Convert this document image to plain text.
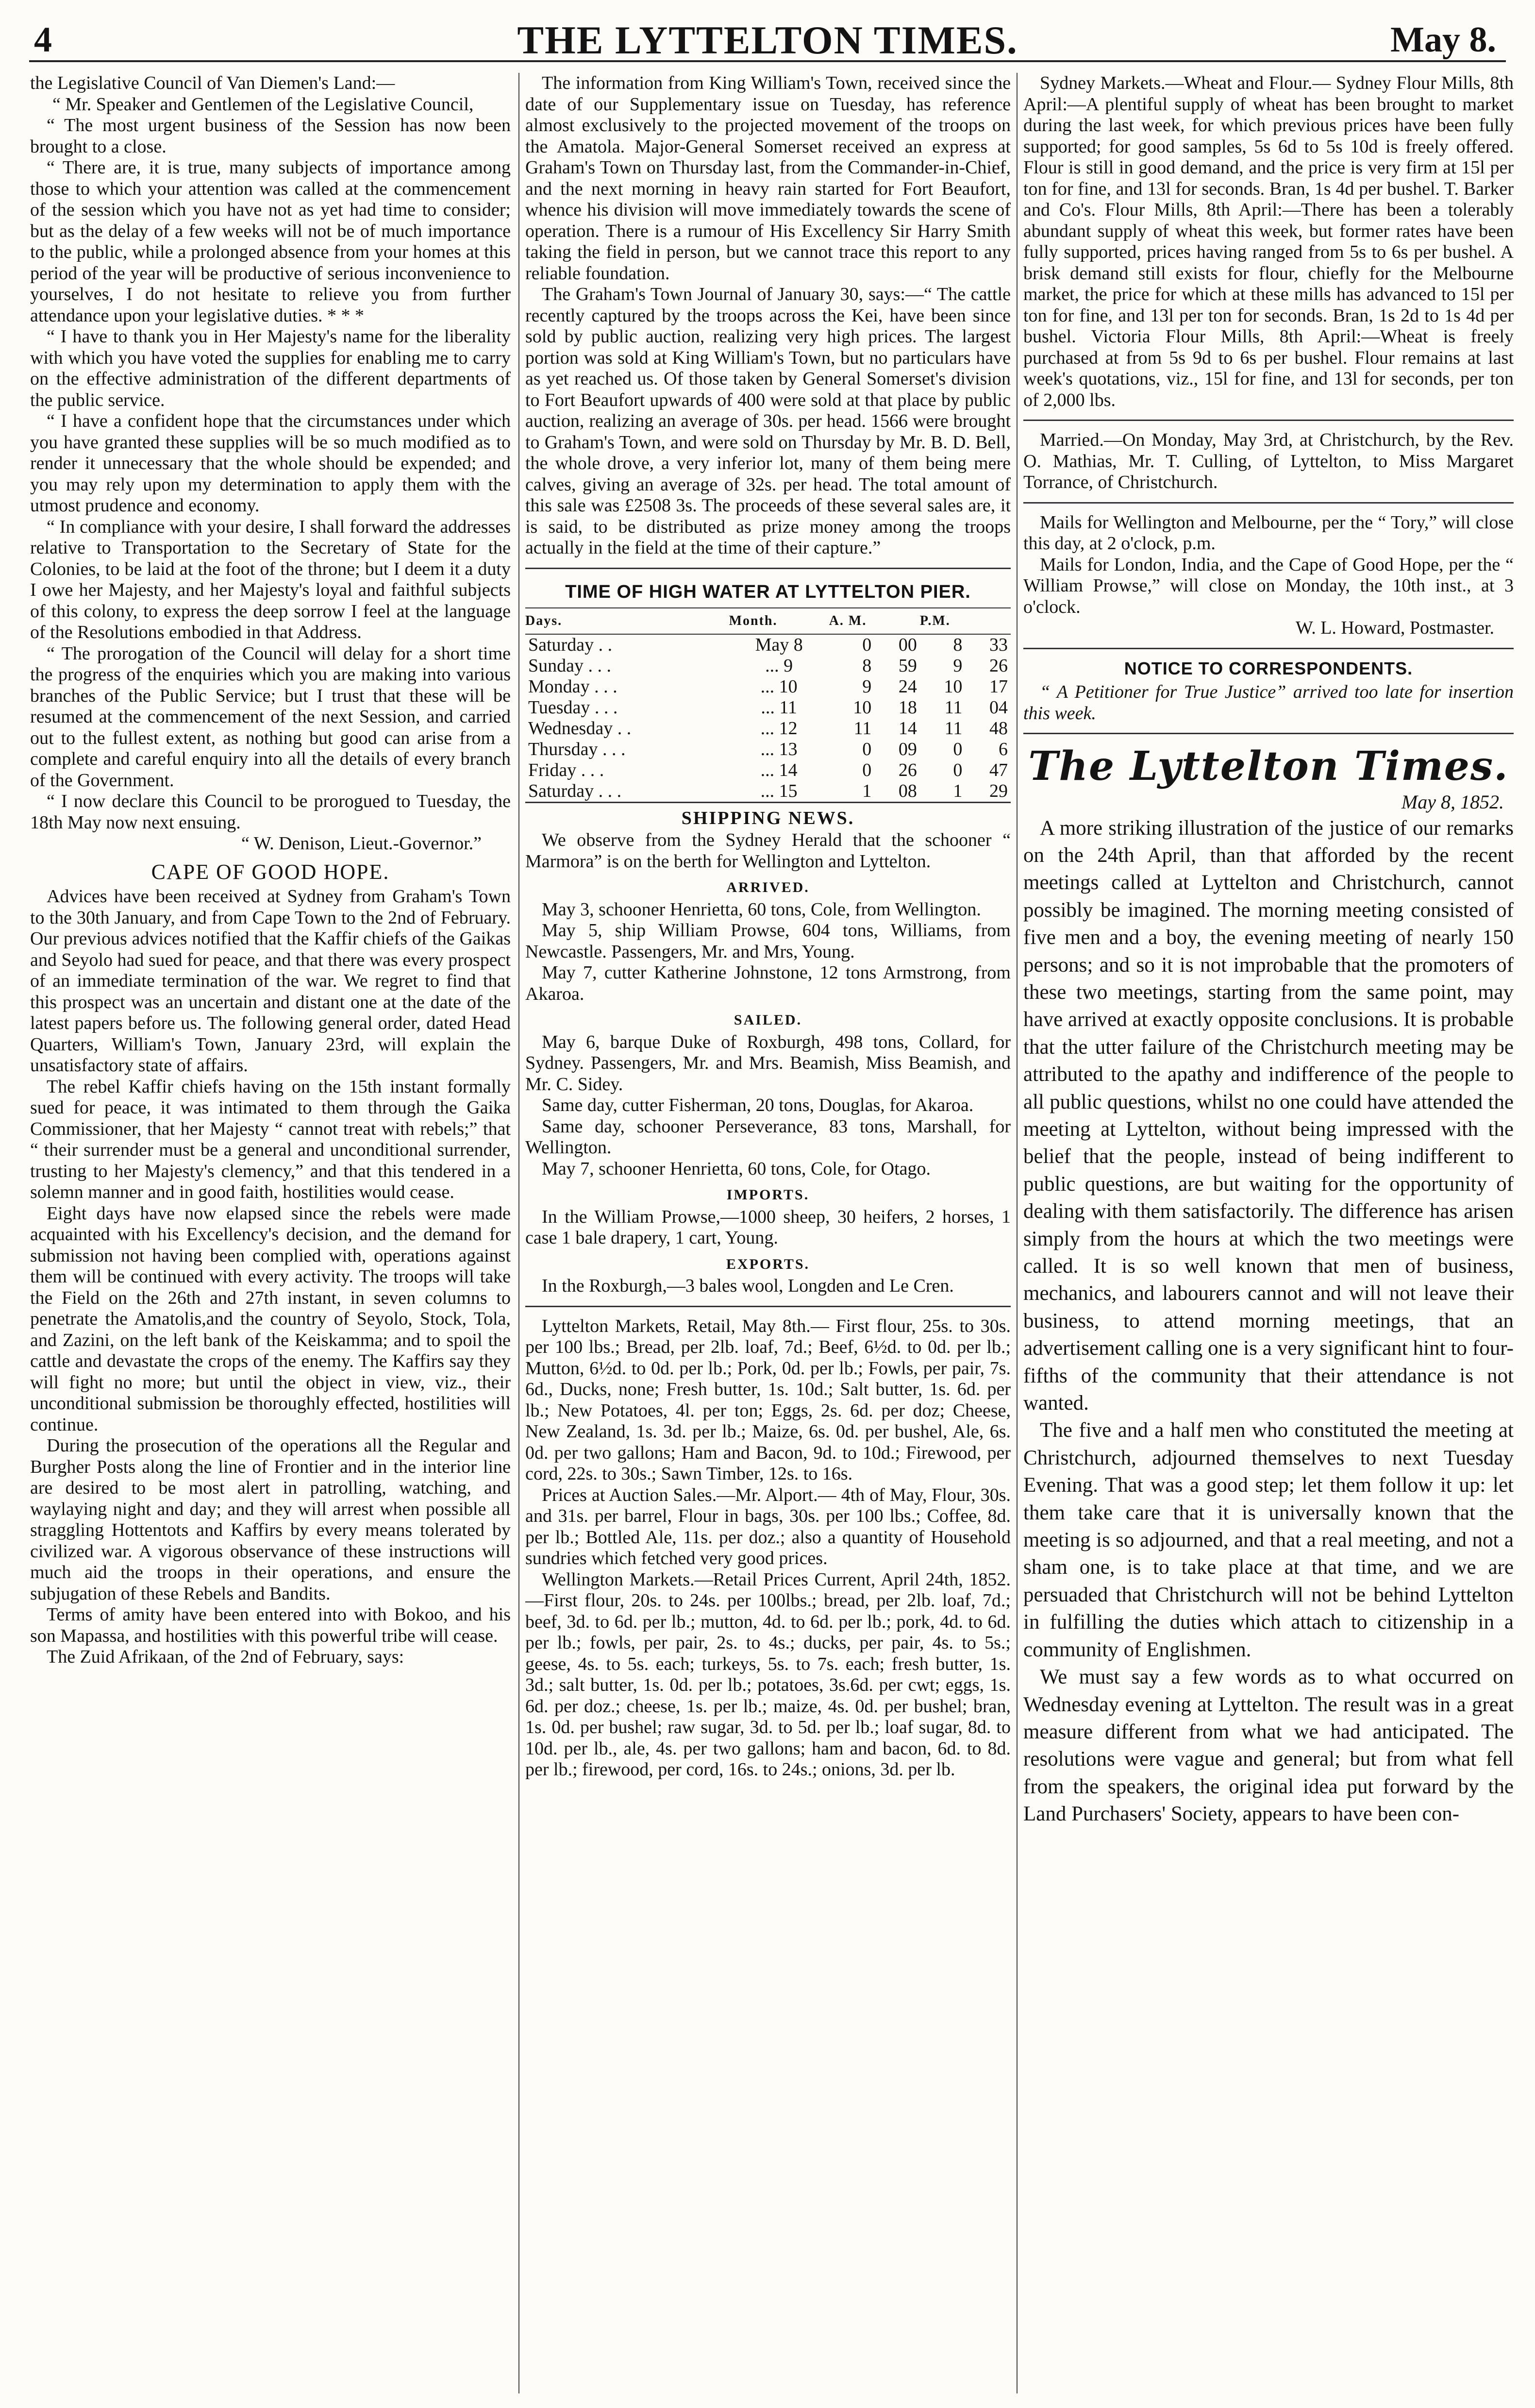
4	THE LYTTELTON TIMES.	May 8.

the Legislative Council of Van Diemen's Land:—

“ Mr. Speaker and Gentlemen of the Legislative Council,

“ The most urgent business of the Session has now been brought to a close.

“ There are, it is true, many subjects of importance among those to which your attention was called at the commencement of the session which you have not as yet had time to consider; but as the delay of a few weeks will not be of much importance to the public, while a prolonged absence from your homes at this period of the year will be productive of serious inconvenience to yourselves, I do not hesitate to relieve you from further attendance upon your legislative duties. * * *

“ I have to thank you in Her Majesty's name for the liberality with which you have voted the supplies for enabling me to carry on the effective administration of the different departments of the public service.

“ I have a confident hope that the circumstances under which you have granted these supplies will be so much modified as to render it unnecessary that the whole should be expended; and you may rely upon my determination to apply them with the utmost prudence and economy.

“ In compliance with your desire, I shall forward the addresses relative to Transportation to the Secretary of State for the Colonies, to be laid at the foot of the throne; but I deem it a duty I owe her Majesty, and her Majesty's loyal and faithful subjects of this colony, to express the deep sorrow I feel at the language of the Resolutions embodied in that Address.

“ The prorogation of the Council will delay for a short time the progress of the enquiries which you are making into various branches of the Public Service; but I trust that these will be resumed at the commencement of the next Session, and carried out to the fullest extent, as nothing but good can arise from a complete and careful enquiry into all the details of every branch of the Government.

“ I now declare this Council to be prorogued to Tuesday, the 18th May now next ensuing.

“ W. Denison, Lieut.-Governor.”

CAPE OF GOOD HOPE.

Advices have been received at Sydney from Graham's Town to the 30th January, and from Cape Town to the 2nd of February. Our previous advices notified that the Kaffir chiefs of the Gaikas and Seyolo had sued for peace, and that there was every prospect of an immediate termination of the war. We regret to find that this prospect was an uncertain and distant one at the date of the latest papers before us. The following general order, dated Head Quarters, William's Town, January 23rd, will explain the unsatisfactory state of affairs.

The rebel Kaffir chiefs having on the 15th instant formally sued for peace, it was intimated to them through the Gaika Commissioner, that her Majesty “ cannot treat with rebels;” that “ their surrender must be a general and unconditional surrender, trusting to her Majesty's clemency,” and that this tendered in a solemn manner and in good faith, hostilities would cease.

Eight days have now elapsed since the rebels were made acquainted with his Excellency's decision, and the demand for submission not having been complied with, operations against them will be continued with every activity. The troops will take the Field on the 26th and 27th instant, in seven columns to penetrate the Amatolis,and the country of Seyolo, Stock, Tola, and Zazini, on the left bank of the Keiskamma; and to spoil the cattle and devastate the crops of the enemy. The Kaffirs say they will fight no more; but until the object in view, viz., their unconditional submission be thoroughly effected, hostilities will continue.

During the prosecution of the operations all the Regular and Burgher Posts along the line of Frontier and in the interior line are desired to be most alert in patrolling, watching, and waylaying night and day; and they will arrest when possible all straggling Hottentots and Kaffirs by every means tolerated by civilized war. A vigorous observance of these instructions will much aid the troops in their operations, and ensure the subjugation of these Rebels and Bandits.

Terms of amity have been entered into with Bokoo, and his son Mapassa, and hostilities with this powerful tribe will cease.

The Zuid Afrikaan, of the 2nd of February, says:

The information from King William's Town, received since the date of our Supplementary issue on Tuesday, has reference almost exclusively to the projected movement of the troops on the Amatola. Major-General Somerset received an express at Graham's Town on Thursday last, from the Commander-in-Chief, and the next morning in heavy rain started for Fort Beaufort, whence his division will move immediately towards the scene of operation. There is a rumour of His Excellency Sir Harry Smith taking the field in person, but we cannot trace this report to any reliable foundation.

The Graham's Town Journal of January 30, says:—“ The cattle recently captured by the troops across the Kei, have been since sold by public auction, realizing very high prices. The largest portion was sold at King William's Town, but no particulars have as yet reached us. Of those taken by General Somerset's division to Fort Beaufort upwards of 400 were sold at that place by public auction, realizing an average of 30s. per head. 1566 were brought to Graham's Town, and were sold on Thursday by Mr. B. D. Bell, the whole drove, a very inferior lot, many of them being mere calves, giving an average of 32s. per head. The total amount of this sale was £2508 3s. The proceeds of these several sales are, it is said, to be distributed as prize money among the troops actually in the field at the time of their capture.”

TIME OF HIGH WATER AT LYTTELTON PIER.
Days.	Month.	A. M.		P.M.	
Saturday . .	May 8	0	00	8	33
Sunday . . .	... 9	8	59	9	26
Monday . . .	... 10	9	24	10	17
Tuesday . . .	... 11	10	18	11	04
Wednesday . .	... 12	11	14	11	48
Thursday . . .	... 13	0	09	0	6
Friday . . .	... 14	0	26	0	47
Saturday . . .	... 15	1	08	1	29
SHIPPING NEWS.

We observe from the Sydney Herald that the schooner “ Marmora” is on the berth for Wellington and Lyttelton.

ARRIVED.

May 3, schooner Henrietta, 60 tons, Cole, from Wellington.

May 5, ship William Prowse, 604 tons, Williams, from Newcastle. Passengers, Mr. and Mrs, Young.

May 7, cutter Katherine Johnstone, 12 tons Armstrong, from Akaroa.

SAILED.

May 6, barque Duke of Roxburgh, 498 tons, Collard, for Sydney. Passengers, Mr. and Mrs. Beamish, Miss Beamish, and Mr. C. Sidey.

Same day, cutter Fisherman, 20 tons, Douglas, for Akaroa.

Same day, schooner Perseverance, 83 tons, Marshall, for Wellington.

May 7, schooner Henrietta, 60 tons, Cole, for Otago.

IMPORTS.

In the William Prowse,—1000 sheep, 30 heifers, 2 horses, 1 case 1 bale drapery, 1 cart, Young.

EXPORTS.

In the Roxburgh,—3 bales wool, Longden and Le Cren.

Lyttelton Markets, Retail, May 8th.— First flour, 25s. to 30s. per 100 lbs.; Bread, per 2lb. loaf, 7d.; Beef, 6½d. to 0d. per lb.; Mutton, 6½d. to 0d. per lb.; Pork, 0d. per lb.; Fowls, per pair, 7s. 6d., Ducks, none; Fresh butter, 1s. 10d.; Salt butter, 1s. 6d. per lb.; New Potatoes, 4l. per ton; Eggs, 2s. 6d. per doz; Cheese, New Zealand, 1s. 3d. per lb.; Maize, 6s. 0d. per bushel, Ale, 6s. 0d. per two gallons; Ham and Bacon, 9d. to 10d.; Firewood, per cord, 22s. to 30s.; Sawn Timber, 12s. to 16s.

Prices at Auction Sales.—Mr. Alport.— 4th of May, Flour, 30s. and 31s. per barrel, Flour in bags, 30s. per 100 lbs.; Coffee, 8d. per lb.; Bottled Ale, 11s. per doz.; also a quantity of Household sundries which fetched very good prices.

Wellington Markets.—Retail Prices Current, April 24th, 1852.—First flour, 20s. to 24s. per 100lbs.; bread, per 2lb. loaf, 7d.; beef, 3d. to 6d. per lb.; mutton, 4d. to 6d. per lb.; pork, 4d. to 6d. per lb.; fowls, per pair, 2s. to 4s.; ducks, per pair, 4s. to 5s.; geese, 4s. to 5s. each; turkeys, 5s. to 7s. each; fresh butter, 1s. 3d.; salt butter, 1s. 0d. per lb.; potatoes, 3s.6d. per cwt; eggs, 1s. 6d. per doz.; cheese, 1s. per lb.; maize, 4s. 0d. per bushel; bran, 1s. 0d. per bushel; raw sugar, 3d. to 5d. per lb.; loaf sugar, 8d. to 10d. per lb., ale, 4s. per two gallons; ham and bacon, 6d. to 8d. per lb.; firewood, per cord, 16s. to 24s.; onions, 3d. per lb.

Sydney Markets.—Wheat and Flour.— Sydney Flour Mills, 8th April:—A plentiful supply of wheat has been brought to market during the last week, for which previous prices have been fully supported; for good samples, 5s 6d to 5s 10d is freely offered. Flour is still in good demand, and the price is very firm at 15l per ton for fine, and 13l for seconds. Bran, 1s 4d per bushel. T. Barker and Co's. Flour Mills, 8th April:—There has been a tolerably abundant supply of wheat this week, but former rates have been fully supported, prices having ranged from 5s to 6s per bushel. A brisk demand still exists for flour, chiefly for the Melbourne market, the price for which at these mills has advanced to 15l per ton for fine, and 13l per ton for seconds. Bran, 1s 2d to 1s 4d per bushel. Victoria Flour Mills, 8th April:—Wheat is freely purchased at from 5s 9d to 6s per bushel. Flour remains at last week's quotations, viz., 15l for fine, and 13l for seconds, per ton of 2,000 lbs.

Married.—On Monday, May 3rd, at Christchurch, by the Rev. O. Mathias, Mr. T. Culling, of Lyttelton, to Miss Margaret Torrance, of Christchurch.

Mails for Wellington and Melbourne, per the “ Tory,” will close this day, at 2 o'clock, p.m.

Mails for London, India, and the Cape of Good Hope, per the “ William Prowse,” will close on Monday, the 10th inst., at 3 o'clock.

W. L. Howard, Postmaster.

NOTICE TO CORRESPONDENTS.

“ A Petitioner for True Justice” arrived too late for insertion this week.

The Lyttelton Times.
May 8, 1852.

A more striking illustration of the justice of our remarks on the 24th April, than that afforded by the recent meetings called at Lyttelton and Christchurch, cannot possibly be imagined. The morning meeting consisted of five men and a boy, the evening meeting of nearly 150 persons; and so it is not improbable that the promoters of these two meetings, starting from the same point, may have arrived at exactly opposite conclusions. It is probable that the utter failure of the Christchurch meeting may be attributed to the apathy and indifference of the people to all public questions, whilst no one could have attended the meeting at Lyttelton, without being impressed with the belief that the people, instead of being indifferent to public questions, are but waiting for the opportunity of dealing with them satisfactorily. The difference has arisen simply from the hours at which the two meetings were called. It is so well known that men of business, mechanics, and labourers cannot and will not leave their business, to attend morning meetings, that an advertisement calling one is a very significant hint to four-fifths of the community that their attendance is not wanted.

The five and a half men who constituted the meeting at Christchurch, adjourned themselves to next Tuesday Evening. That was a good step; let them follow it up: let them take care that it is universally known that the meeting is so adjourned, and that a real meeting, and not a sham one, is to take place at that time, and we are persuaded that Christchurch will not be behind Lyttelton in fulfilling the duties which attach to citizenship in a community of Englishmen.

We must say a few words as to what occurred on Wednesday evening at Lyttelton. The result was in a great measure different from what we had anticipated. The resolutions were vague and general; but from what fell from the speakers, the original idea put forward by the Land Purchasers' Society, appears to have been con-
